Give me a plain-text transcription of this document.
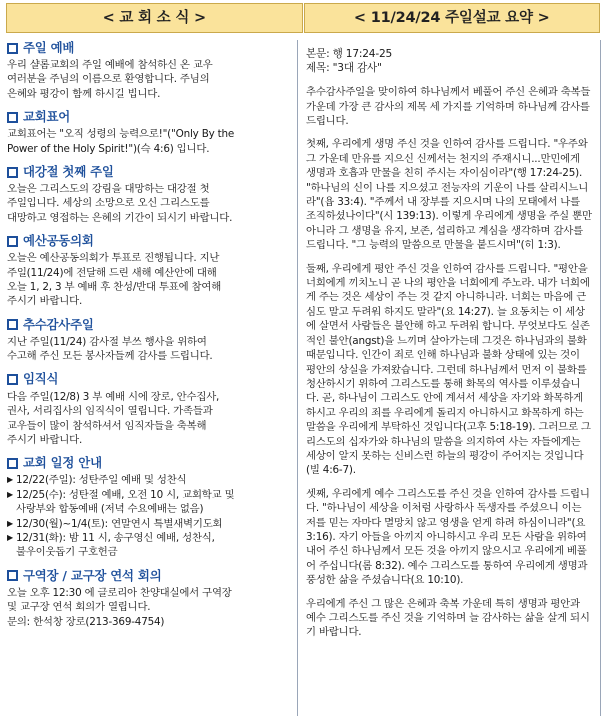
< 교 회 소 식 >	< 11/24/24 주일설교 요약 >
주일 예배
우리 샬롬교회의 주일 예배에 참석하신 온 교우
여러분을 주님의 이름으로 환영합니다. 주님의
은혜와 평강이 함께 하시길 빕니다.
교회표어
교회표어는 "오직 성령의 능력으로!"("Only By the
Power of the Holy Spirit!")(슥 4:6) 입니다.
대강절 첫째 주일
오늘은 그리스도의 강림을 대망하는 대강절 첫
주일입니다. 세상의 소망으로 오신 그리스도를
대망하고 영접하는 은혜의 기간이 되시기 바랍니다.
예산공동의회
오늘은 예산공동의회가 투표로 진행됩니다. 지난
주일(11/24)에 전달해 드린 새해 예산안에 대해
오늘 1, 2, 3 부 예배 후 찬성/반대 투표에 참여해
주시기 바랍니다.
추수감사주일
지난 주일(11/24) 감사절 부쓰 행사을 위하여
수고해 주신 모든 봉사자들께 감사를 드립니다.
임직식
다음 주일(12/8) 3 부 예배 시에 장로, 안수집사,
권사, 서리집사의 임직식이 열립니다. 가족들과
교우들이 많이 참석하셔서 임직자들을 축복해
주시기 바랍니다.
교회 일정 안내
▶ 12/22(주일): 성탄주일 예배 및 성찬식
▶ 12/25(수): 성탄절 예배, 오전 10 시, 교회학교 및
사랑부와 합동예배 (저녁 수요예배는 없음)
▶ 12/30(월)~1/4(토): 연말연시 특별새벽기도회
▶ 12/31(화): 밤 11 시, 송구영신 예배, 성찬식,
불우이웃돕기 구호헌금
구역장 / 교구장 연석 회의
오늘 오후 12:30 에 글로리아 찬양대실에서 구역장
및 교구장 연석 회의가 열립니다.
문의: 한석창 장로(213-369-4754)
본문: 행 17:24-25
제목: "3대 감사"

추수감사주일을 맞이하여 하나님께서 베풀어 주신 은혜과 축복들 가운데 가장 큰 감사의 제목 세 가지를 기억하며 하나님께 감사를 드립니다.

첫째, 우리에게 생명 주신 것을 인하여 감사를 드립니다. "우주와 그 가운데 만유를 지으신 신께서는 천지의 주재시니...만민에게 생명과 호흡과 만물을 친히 주시는 자이심이라"(행 17:24-25). "하나님의 신이 나를 지으셨고 전능자의 기운이 나를 살리시느니라"(욥 33:4). "주께서 내 장부를 지으시며 나의 모태에서 나를 조직하셨나이다"(시 139:13). 이렇게 우리에게 생명을 주실 뿐만 아니라 그 생명을 유지, 보존, 섭리하고 계심을 생각하며 감사를 드립니다. "그 능력의 말씀으로 만물을 붙드시며"(히 1:3).

둘째, 우리에게 평안 주신 것을 인하여 감사를 드립니다. "평안을 너희에게 끼치노니 곧 나의 평안을 너희에게 주노라. 내가 너희에게 주는 것은 세상이 주는 것 같지 아니하니라. 너희는 마음에 근심도 말고 두려워 하지도 말라"(요 14:27). 늘 요동치는 이 세상에 살면서 사람들은 불안해 하고 두려워 합니다. 무엇보다도 실존적인 불안(angst)을 느끼며 살아가는데 그것은 하나님과의 불화 때문입니다. 인간이 죄로 인해 하나님과 불화 상태에 있는 것이 평안의 상실을 가져왔습니다. 그런데 하나님께서 먼저 이 불화를 청산하시기 위하여 그리스도를 통해 화목의 역사를 이루셨습니다. 곧, 하나님이 그리스도 안에 계셔서 세상을 자기와 화목하게 하시고 우리의 죄를 우리에게 돌리지 아니하시고 화목하게 하는 말씀을 우리에게 부탁하신 것입니다(고후 5:18-19). 그러므로 그리스도의 십자가와 하나님의 말씀을 의지하여 사는 자들에게는 세상이 알지 못하는 신비스런 하늘의 평강이 주어지는 것입니다(빌 4:6-7).

셋째, 우리에게 예수 그리스도를 주신 것을 인하여 감사를 드립니다. "하나님이 세상을 이처럼 사랑하사 독생자를 주셨으니 이는 저를 믿는 자마다 멸망치 않고 영생을 얻게 하려 하심이니라"(요 3:16). 자기 아들을 아끼지 아니하시고 우리 모든 사람을 위하여 내어 주신 하나님께서 모든 것을 아끼지 않으시고 우리에게 베풀어 주십니다(롬 8:32). 예수 그리스도를 통하여 우리에게 생명과 풍성한 삶을 주셨습니다(요 10:10).

우리에게 주신 그 많은 은혜과 축복 가운데 특히 생명과 평안과 예수 그리스도를 주신 것을 기억하며 늘 감사하는 삶을 살게 되시기 바랍니다.
